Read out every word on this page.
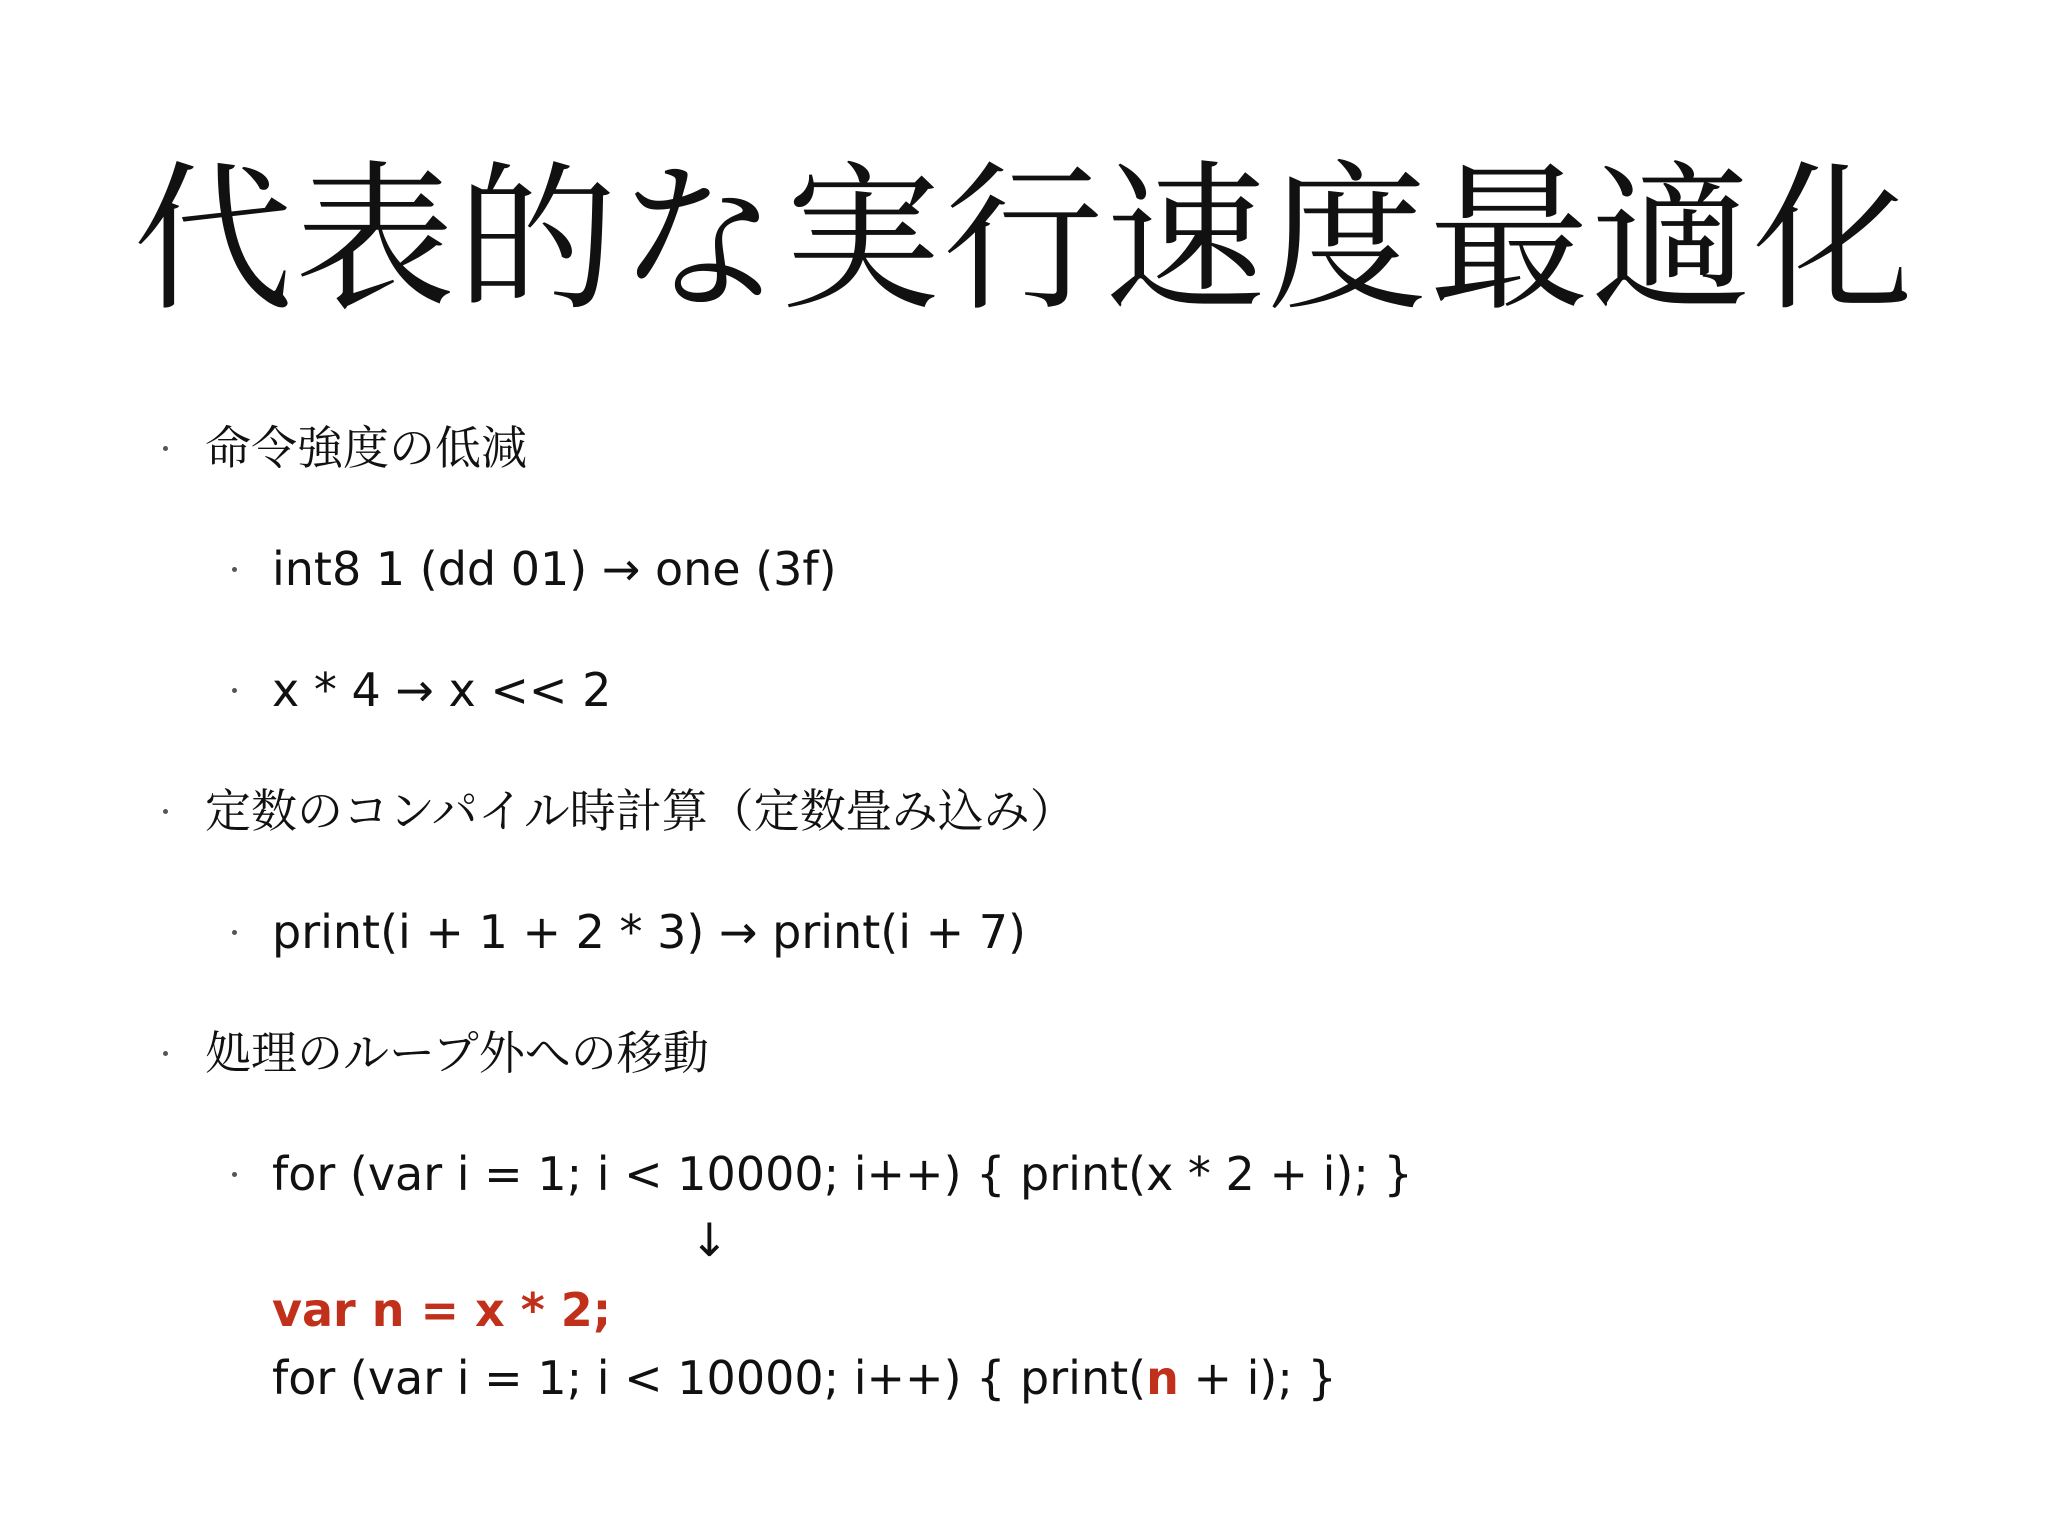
代表的な実行速度最適化
命令強度の低減
int8 1 (dd 01) → one (3f)
x * 4 → x << 2
定数のコンパイル時計算（定数畳み込み）
print(i + 1 + 2 * 3) → print(i + 7)
処理のループ外への移動
for (var i = 1; i < 10000; i++) { print(x * 2 + i); }
↓
var n = x * 2;
for (var i = 1; i < 10000; i++) { print(n + i); }
